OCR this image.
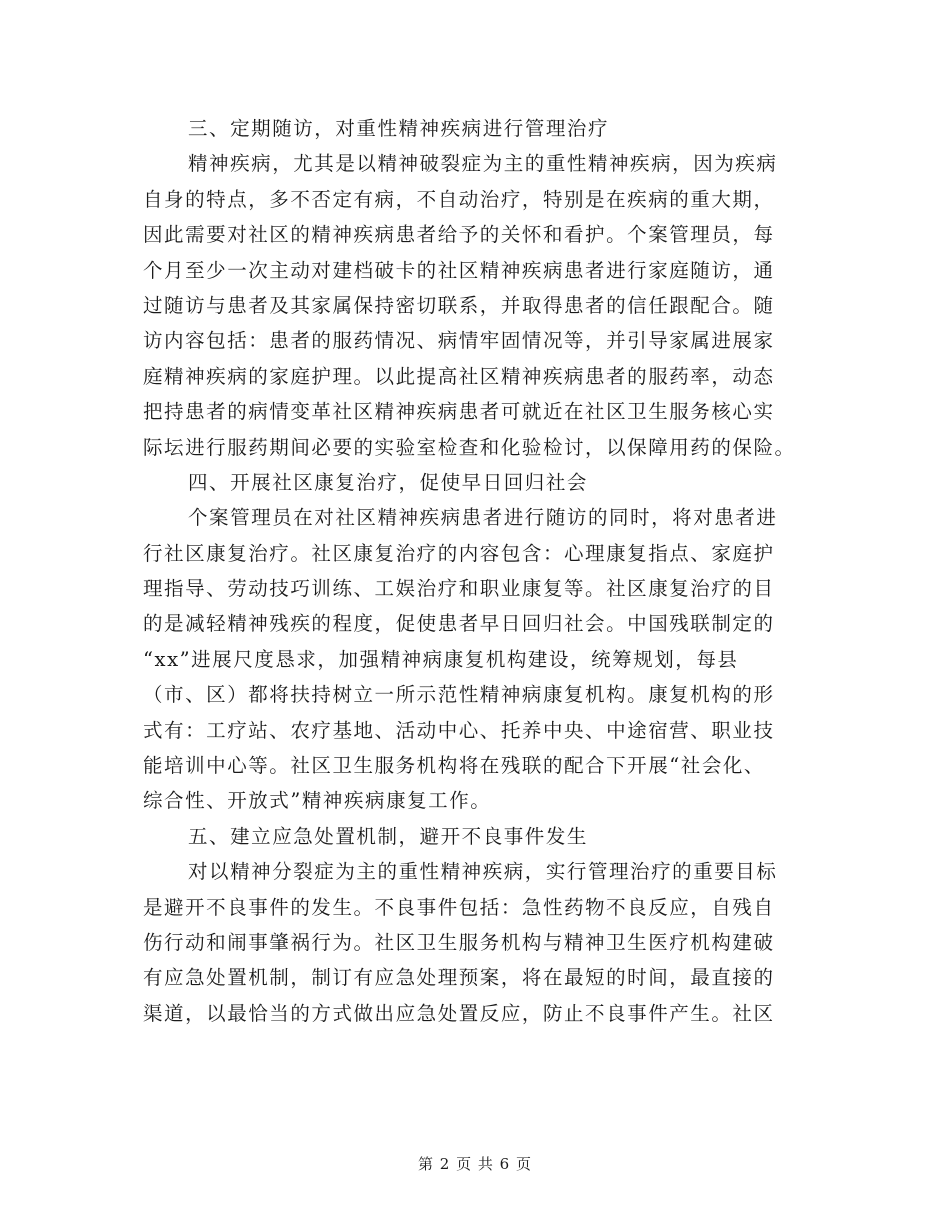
三、定期随访，对重性精神疾病进行管理治疗
精神疾病，尤其是以精神破裂症为主的重性精神疾病，因为疾病
自身的特点，多不否定有病，不自动治疗，特别是在疾病的重大期，
因此需要对社区的精神疾病患者给予的关怀和看护。个案管理员，每
个月至少一次主动对建档破卡的社区精神疾病患者进行家庭随访，通
过随访与患者及其家属保持密切联系，并取得患者的信任跟配合。随
访内容包括：患者的服药情况、病情牢固情况等，并引导家属进展家
庭精神疾病的家庭护理。以此提高社区精神疾病患者的服药率，动态
把持患者的病情变革社区精神疾病患者可就近在社区卫生服务核心实
际坛进行服药期间必要的实验室检查和化验检讨，以保障用药的保险。
四、开展社区康复治疗，促使早日回归社会
个案管理员在对社区精神疾病患者进行随访的同时，将对患者进
行社区康复治疗。社区康复治疗的内容包含：心理康复指点、家庭护
理指导、劳动技巧训练、工娱治疗和职业康复等。社区康复治疗的目
的是减轻精神残疾的程度，促使患者早日回归社会。中国残联制定的
“xx”进展尺度恳求，加强精神病康复机构建设，统筹规划，每县
（市、区）都将扶持树立一所示范性精神病康复机构。康复机构的形
式有：工疗站、农疗基地、活动中心、托养中央、中途宿营、职业技
能培训中心等。社区卫生服务机构将在残联的配合下开展“社会化、
综合性、开放式”精神疾病康复工作。
五、建立应急处置机制，避开不良事件发生
对以精神分裂症为主的重性精神疾病，实行管理治疗的重要目标
是避开不良事件的发生。不良事件包括：急性药物不良反应，自残自
伤行动和闹事肇祸行为。社区卫生服务机构与精神卫生医疗机构建破
有应急处置机制，制订有应急处理预案，将在最短的时间，最直接的
渠道，以最恰当的方式做出应急处置反应，防止不良事件产生。社区
第 2 页 共 6 页
